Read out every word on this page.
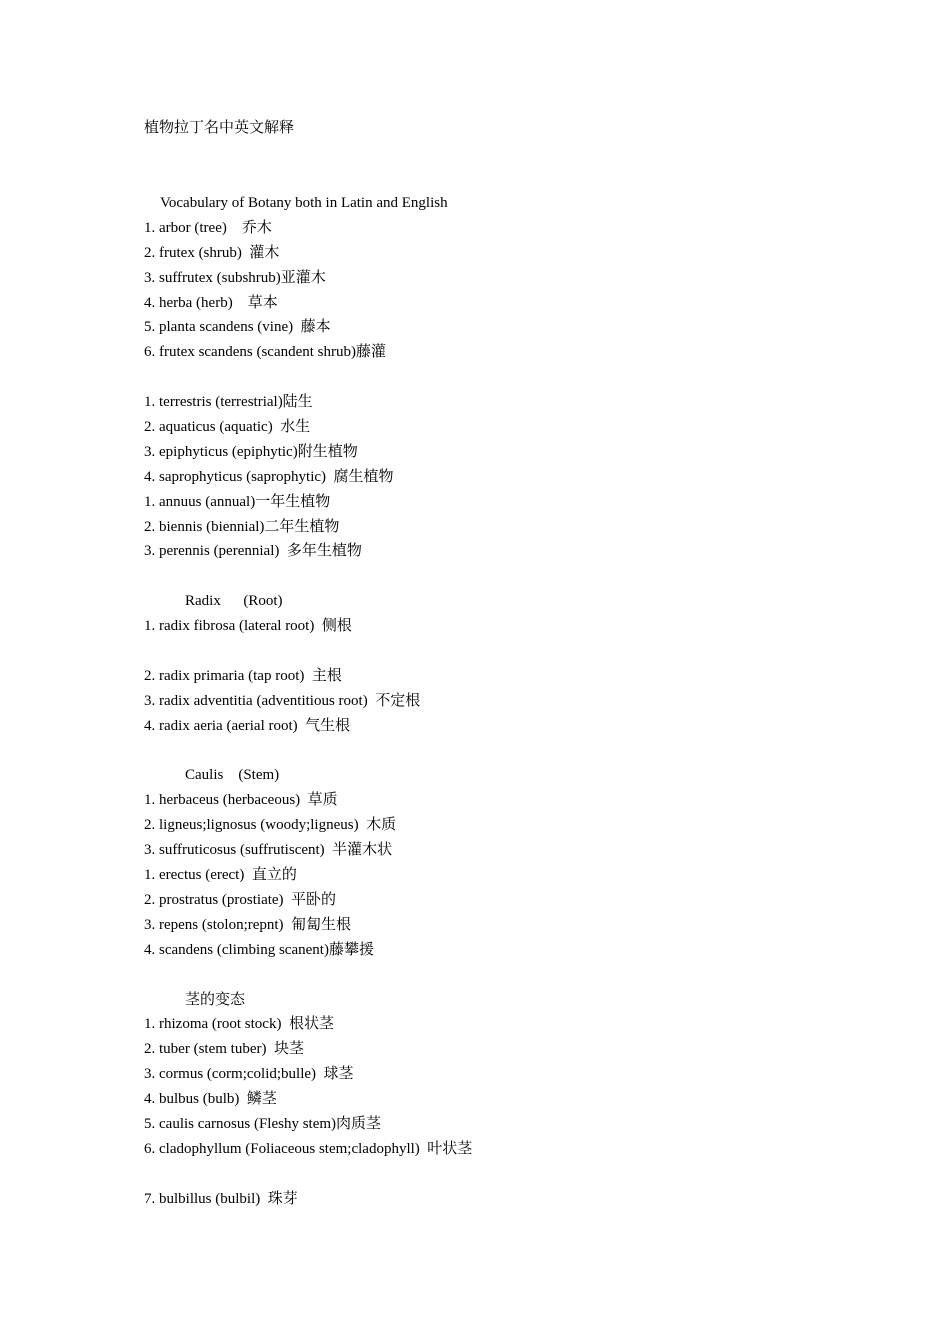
植物拉丁名中英文解释
Vocabulary of Botany both in Latin and English
1. arbor (tree)    乔木
2. frutex (shrub)  灌木
3. suffrutex (subshrub)亚灌木
4. herba (herb)    草本
5. planta scandens (vine)  藤本
6. frutex scandens (scandent shrub)藤灌
1. terrestris (terrestrial)陆生
2. aquaticus (aquatic)  水生
3. epiphyticus (epiphytic)附生植物
4. saprophyticus (saprophytic)  腐生植物
1. annuus (annual)一年生植物
2. biennis (biennial)二年生植物
3. perennis (perennial)  多年生植物
Radix      (Root)
1. radix fibrosa (lateral root)  侧根
2. radix primaria (tap root)  主根
3. radix adventitia (adventitious root)  不定根
4. radix aeria (aerial root)  气生根
Caulis    (Stem)
1. herbaceus (herbaceous)  草质
2. ligneus;lignosus (woody;ligneus)  木质
3. suffruticosus (suffrutiscent)  半灌木状
1. erectus (erect)  直立的
2. prostratus (prostiate)  平卧的
3. repens (stolon;repnt)  匍匐生根
4. scandens (climbing scanent)藤攀援
茎的变态
1. rhizoma (root stock)  根状茎
2. tuber (stem tuber)  块茎
3. cormus (corm;colid;bulle)  球茎
4. bulbus (bulb)  鳞茎
5. caulis carnosus (Fleshy stem)肉质茎
6. cladophyllum (Foliaceous stem;cladophyll)  叶状茎
7. bulbillus (bulbil)  珠芽
